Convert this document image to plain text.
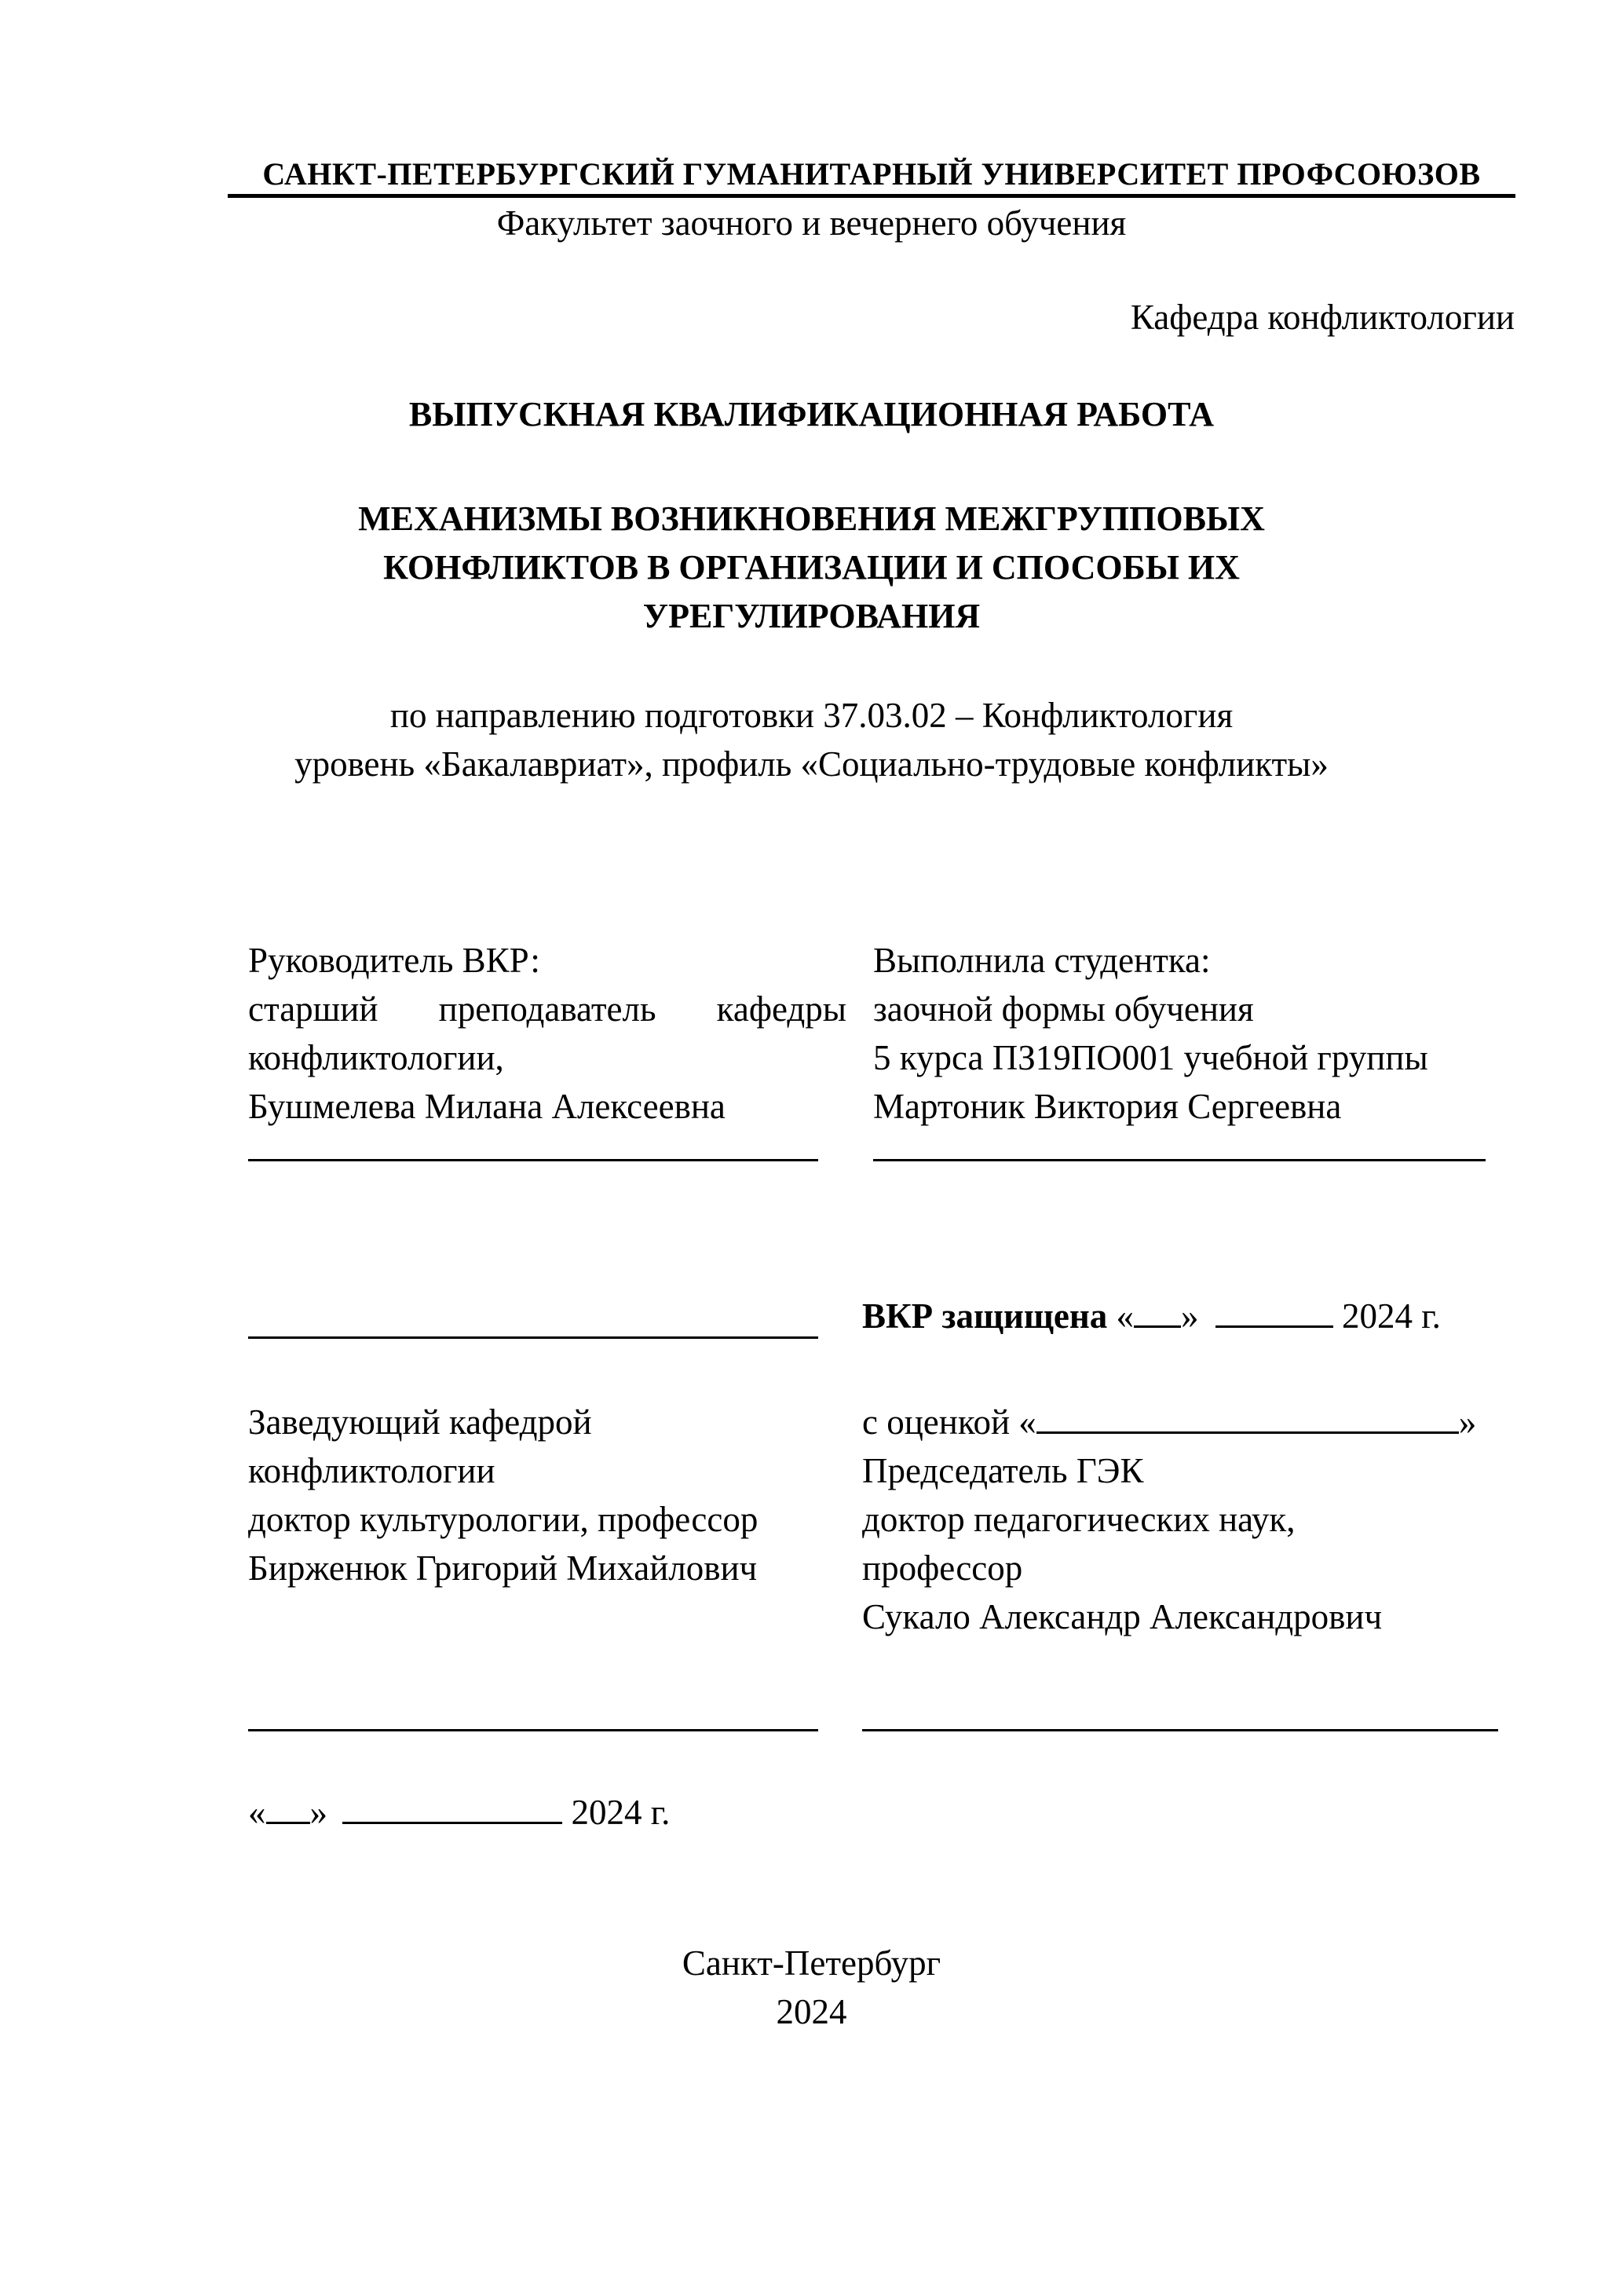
САНКТ-ПЕТЕРБУРГСКИЙ ГУМАНИТАРНЫЙ УНИВЕРСИТЕТ ПРОФСОЮЗОВ
Факультет заочного и вечернего обучения
Кафедра конфликтологии
ВЫПУСКНАЯ КВАЛИФИКАЦИОННАЯ РАБОТА
МЕХАНИЗМЫ ВОЗНИКНОВЕНИЯ МЕЖГРУППОВЫХ
КОНФЛИКТОВ В ОРГАНИЗАЦИИ И СПОСОБЫ ИХ
УРЕГУЛИРОВАНИЯ
по направлению подготовки 37.03.02 – Конфликтология
уровень «Бакалавриат», профиль «Социально-трудовые конфликты»
Руководитель ВКР:
старший преподаватель кафедры
конфликтологии,
Бушмелева Милана Алексеевна
Выполнила студентка:
заочной формы обучения
5 курса ПЗ19ПО001 учебной группы
Мартоник Виктория Сергеевна
ВКР защищена « »	2024 г.
Заведующий кафедрой
конфликтологии
доктор культурологии, профессор
Бирженюк Григорий Михайлович
с оценкой «	»
Председатель ГЭК
доктор педагогических наук,
профессор
Сукало Александр Александрович
« »	2024 г.
Санкт-Петербург
2024
